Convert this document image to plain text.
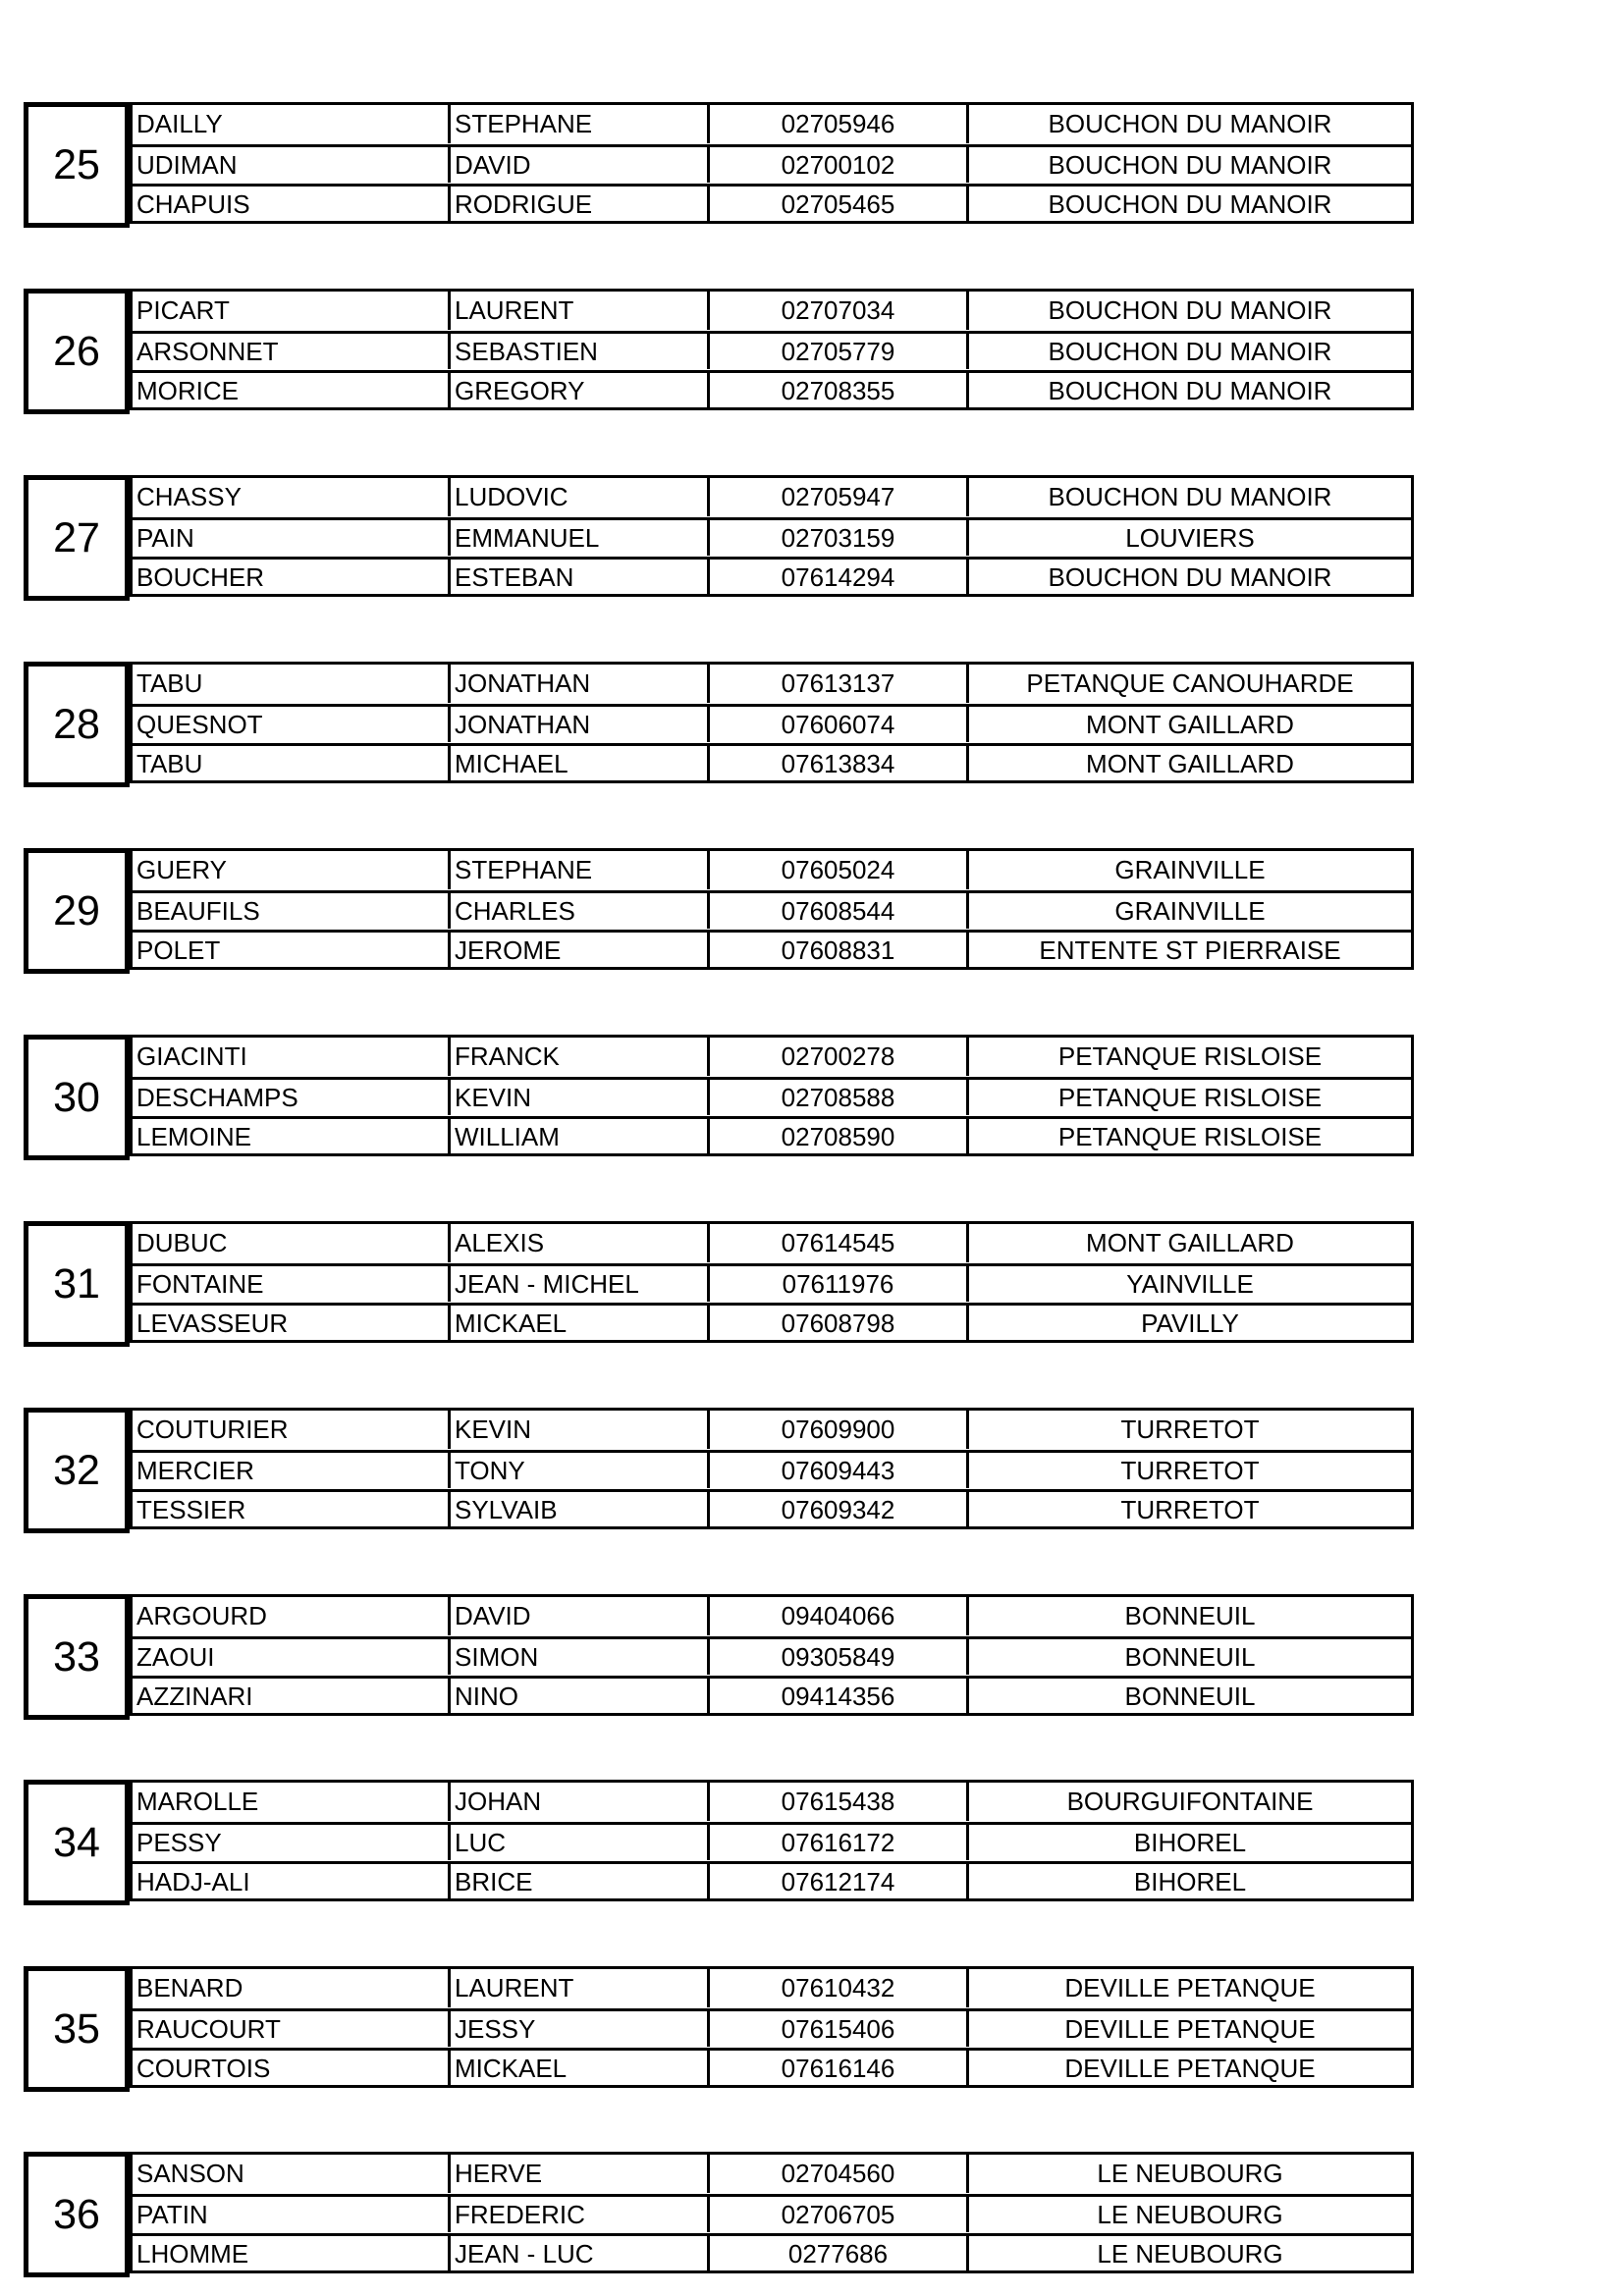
25
DAILLY	STEPHANE	02705946	BOUCHON DU MANOIR
UDIMAN	DAVID	02700102	BOUCHON DU MANOIR
CHAPUIS	RODRIGUE	02705465	BOUCHON DU MANOIR
26
PICART	LAURENT	02707034	BOUCHON DU MANOIR
ARSONNET	SEBASTIEN	02705779	BOUCHON DU MANOIR
MORICE	GREGORY	02708355	BOUCHON DU MANOIR
27
CHASSY	LUDOVIC	02705947	BOUCHON DU MANOIR
PAIN	EMMANUEL	02703159	LOUVIERS
BOUCHER	ESTEBAN	07614294	BOUCHON DU MANOIR
28
TABU	JONATHAN	07613137	PETANQUE CANOUHARDE
QUESNOT	JONATHAN	07606074	MONT GAILLARD
TABU	MICHAEL	07613834	MONT GAILLARD
29
GUERY	STEPHANE	07605024	GRAINVILLE
BEAUFILS	CHARLES	07608544	GRAINVILLE
POLET	JEROME	07608831	ENTENTE ST PIERRAISE
30
GIACINTI	FRANCK	02700278	PETANQUE RISLOISE
DESCHAMPS	KEVIN	02708588	PETANQUE RISLOISE
LEMOINE	WILLIAM	02708590	PETANQUE RISLOISE
31
DUBUC	ALEXIS	07614545	MONT GAILLARD
FONTAINE	JEAN - MICHEL	07611976	YAINVILLE
LEVASSEUR	MICKAEL	07608798	PAVILLY
32
COUTURIER	KEVIN	07609900	TURRETOT
MERCIER	TONY	07609443	TURRETOT
TESSIER	SYLVAIB	07609342	TURRETOT
33
ARGOURD	DAVID	09404066	BONNEUIL
ZAOUI	SIMON	09305849	BONNEUIL
AZZINARI	NINO	09414356	BONNEUIL
34
MAROLLE	JOHAN	07615438	BOURGUIFONTAINE
PESSY	LUC	07616172	BIHOREL
HADJ-ALI	BRICE	07612174	BIHOREL
35
BENARD	LAURENT	07610432	DEVILLE PETANQUE
RAUCOURT	JESSY	07615406	DEVILLE PETANQUE
COURTOIS	MICKAEL	07616146	DEVILLE PETANQUE
36
SANSON	HERVE	02704560	LE NEUBOURG
PATIN	FREDERIC	02706705	LE NEUBOURG
LHOMME	JEAN - LUC	0277686	LE NEUBOURG
